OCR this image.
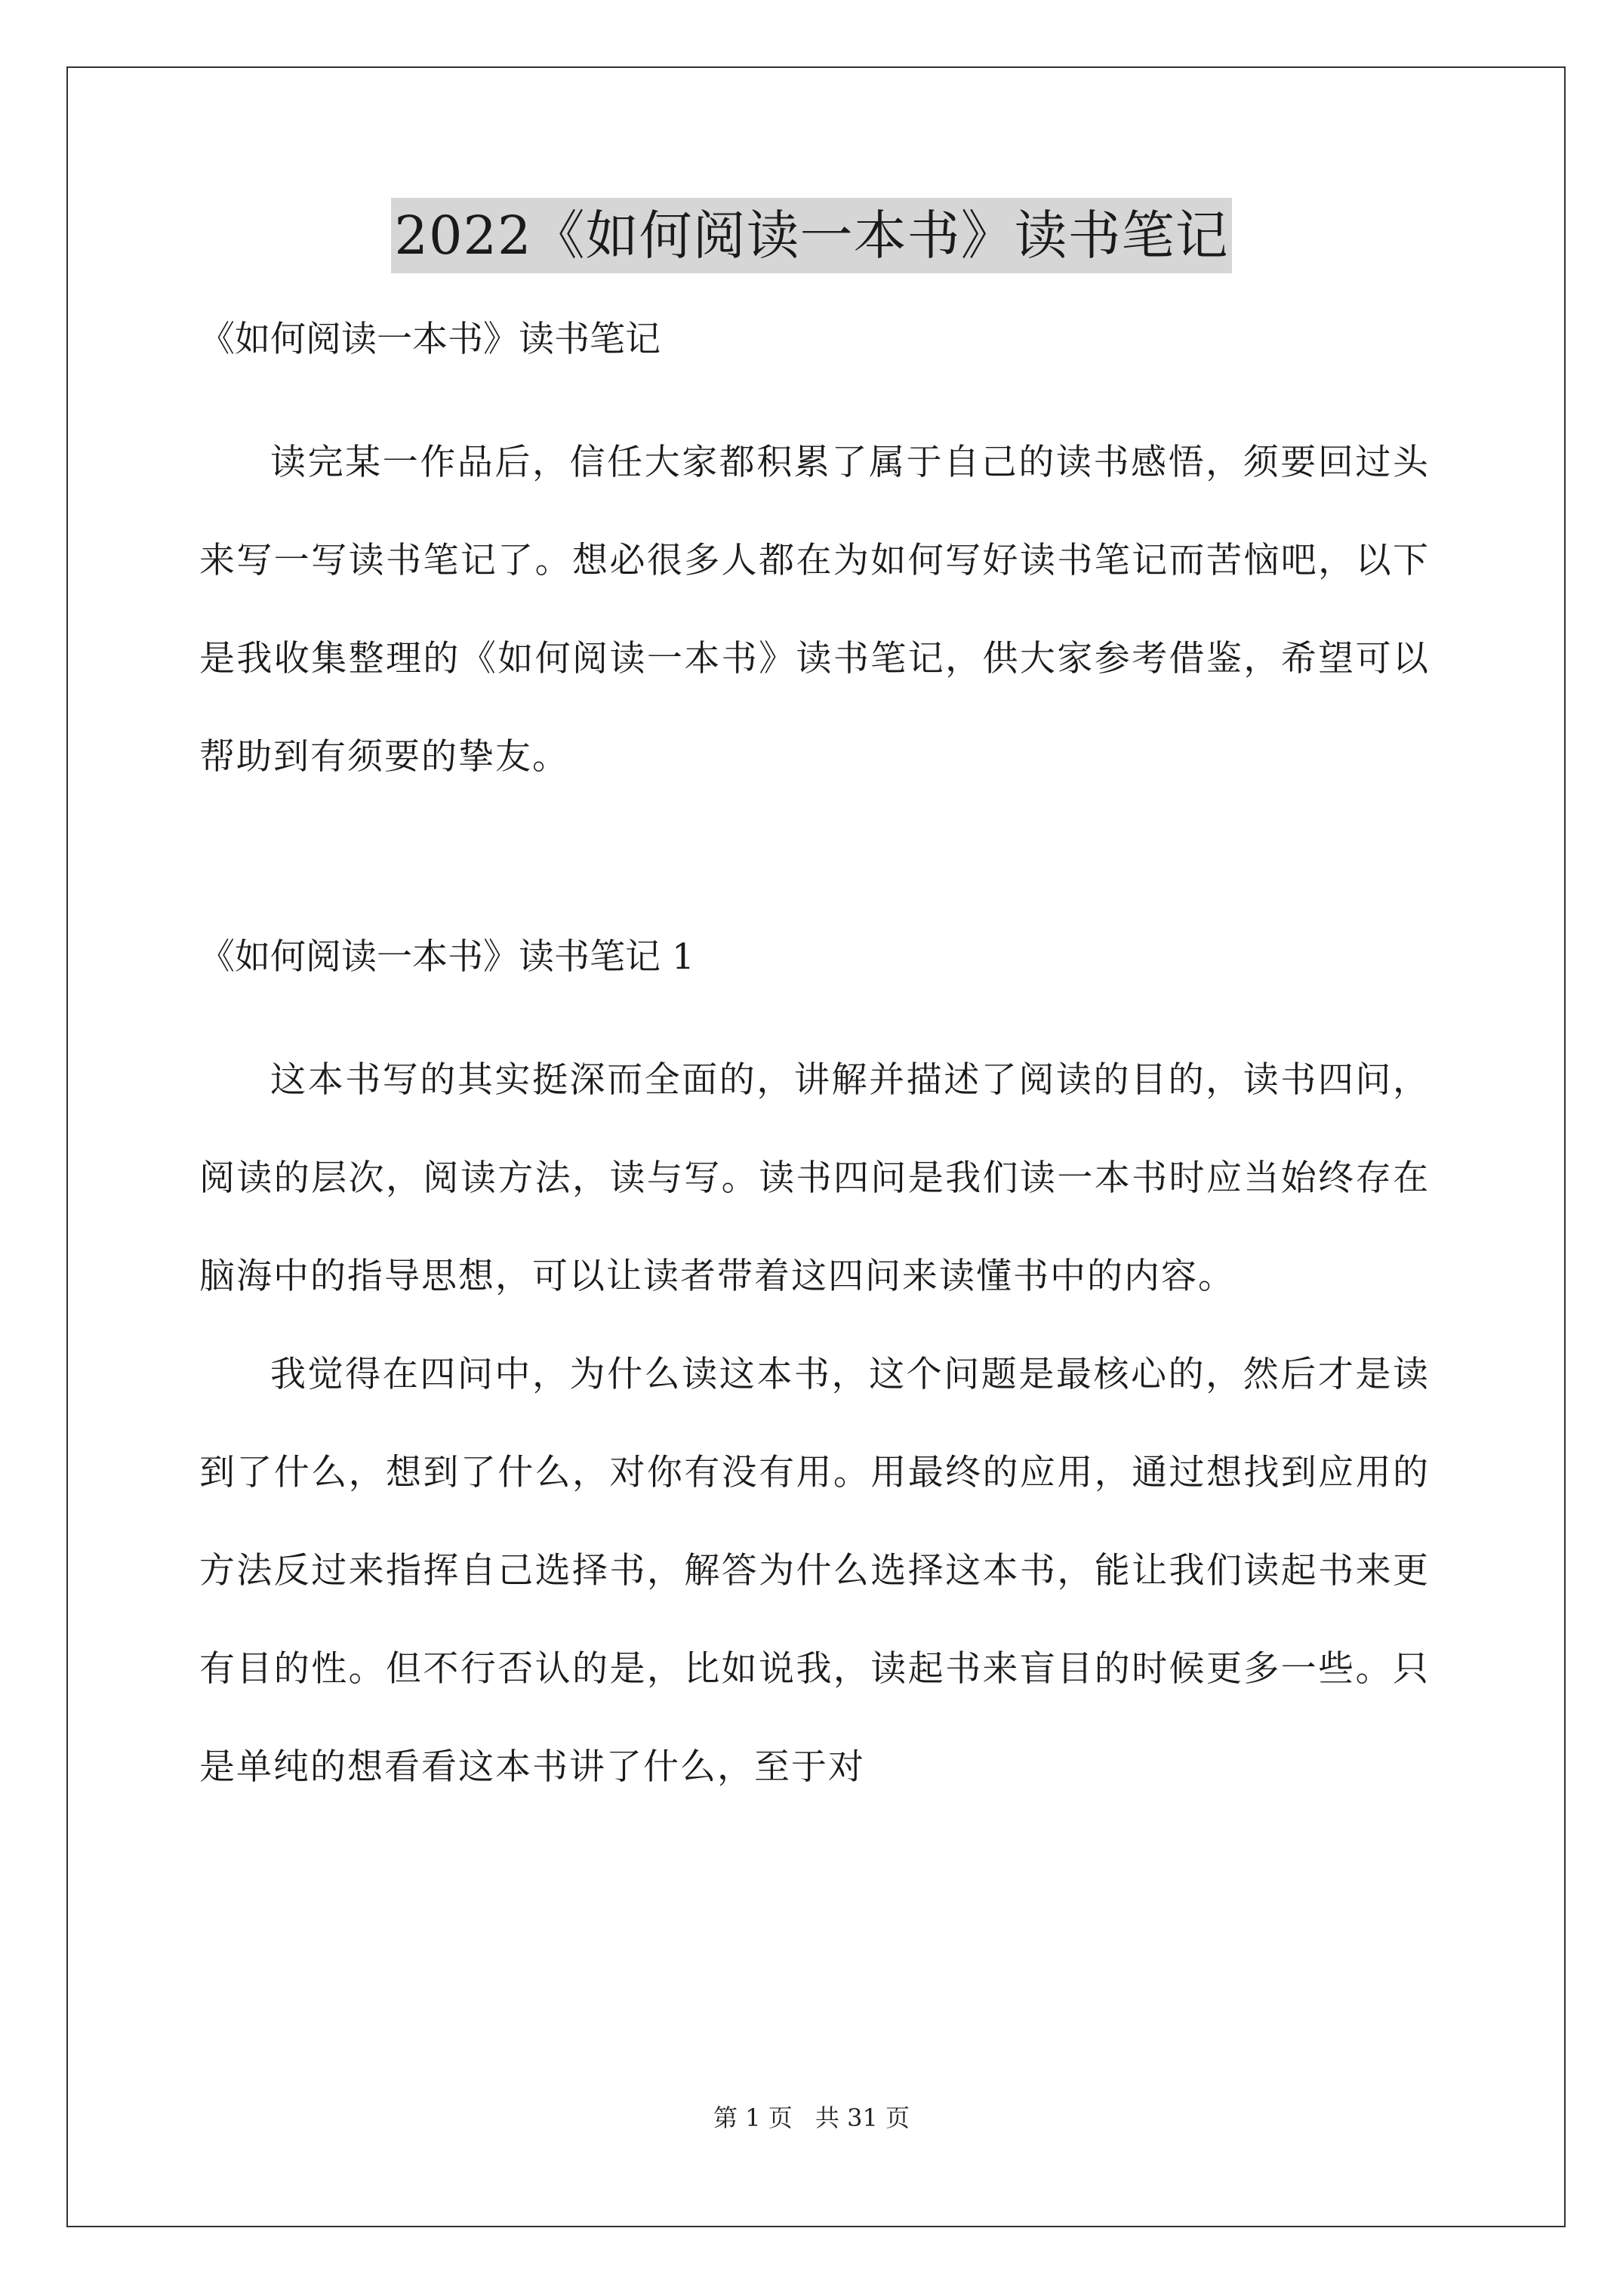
2022《如何阅读一本书》读书笔记

《如何阅读一本书》读书笔记

读完某一作品后，信任大家都积累了属于自己的读书感悟，须要回过头来写一写读书笔记了。想必很多人都在为如何写好读书笔记而苦恼吧，以下是我收集整理的《如何阅读一本书》读书笔记，供大家参考借鉴，希望可以帮助到有须要的挚友。

《如何阅读一本书》读书笔记 1

这本书写的其实挺深而全面的，讲解并描述了阅读的目的，读书四问，阅读的层次，阅读方法，读与写。读书四问是我们读一本书时应当始终存在脑海中的指导思想，可以让读者带着这四问来读懂书中的内容。

我觉得在四问中，为什么读这本书，这个问题是最核心的，然后才是读到了什么，想到了什么，对你有没有用。用最终的应用，通过想找到应用的方法反过来指挥自己选择书，解答为什么选择这本书，能让我们读起书来更有目的性。但不行否认的是，比如说我，读起书来盲目的时候更多一些。只是单纯的想看看这本书讲了什么，至于对

第 1 页 共 31 页
